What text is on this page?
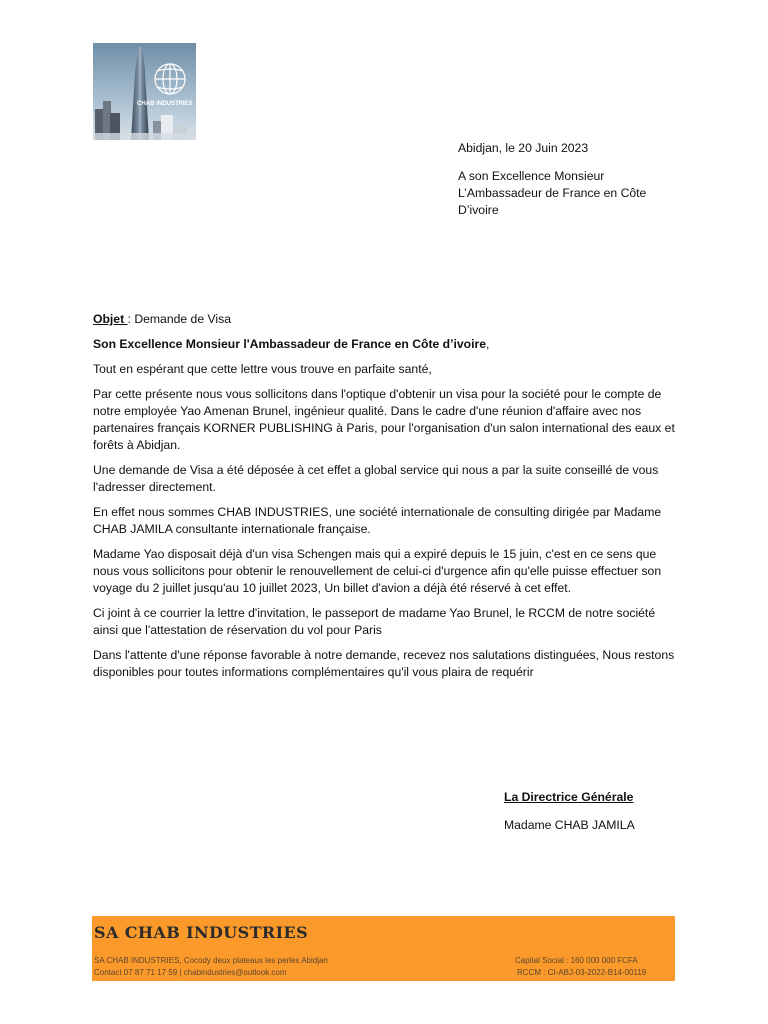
CHAB INDUSTRIES

Abidjan, le 20 Juin 2023

A son Excellence Monsieur

L’Ambassadeur de France en Côte

D’ivoire

Objet : Demande de Visa

Son Excellence Monsieur l'Ambassadeur de France en Côte d’ivoire,

Tout en espérant que cette lettre vous trouve en parfaite santé,

Par cette présente nous vous sollicitons dans l'optique d'obtenir un visa pour la société pour le compte de notre employée Yao Amenan Brunel, ingénieur qualité. Dans le cadre d'une réunion d'affaire avec nos partenaires français KORNER PUBLISHING à Paris, pour l'organisation d'un salon international des eaux et forêts à Abidjan.

Une demande de Visa a été déposée à cet effet a global service qui nous a par la suite conseillé de vous l'adresser directement.

En effet nous sommes CHAB INDUSTRIES, une société internationale de consulting dirigée par Madame CHAB JAMILA consultante internationale française.

Madame Yao disposait déjà d'un visa Schengen mais qui a expiré depuis le 15 juin, c'est en ce sens que nous vous sollicitons pour obtenir le renouvellement de celui-ci d'urgence afin qu'elle puisse effectuer son voyage du 2 juillet jusqu'au 10 juillet 2023, Un billet d'avion a déjà été réservé à cet effet.

Ci joint à ce courrier la lettre d'invitation, le passeport de madame Yao Brunel, le RCCM de notre société ainsi que l'attestation de réservation du vol pour Paris

Dans l'attente d'une réponse favorable à notre demande, recevez nos salutations distinguées, Nous restons disponibles pour toutes informations complémentaires qu'il vous plaira de requérir

La Directrice Générale

Madame CHAB JAMILA

SA CHAB INDUSTRIES
SA CHAB INDUSTRIES, Cocody deux plateaux les perles Abidjan
Contact 07 87 71 17 59 | chabindustries@outlook.com
Capital Social : 160 000 000 FCFA
RCCM : CI-ABJ-03-2022-B14-00119
